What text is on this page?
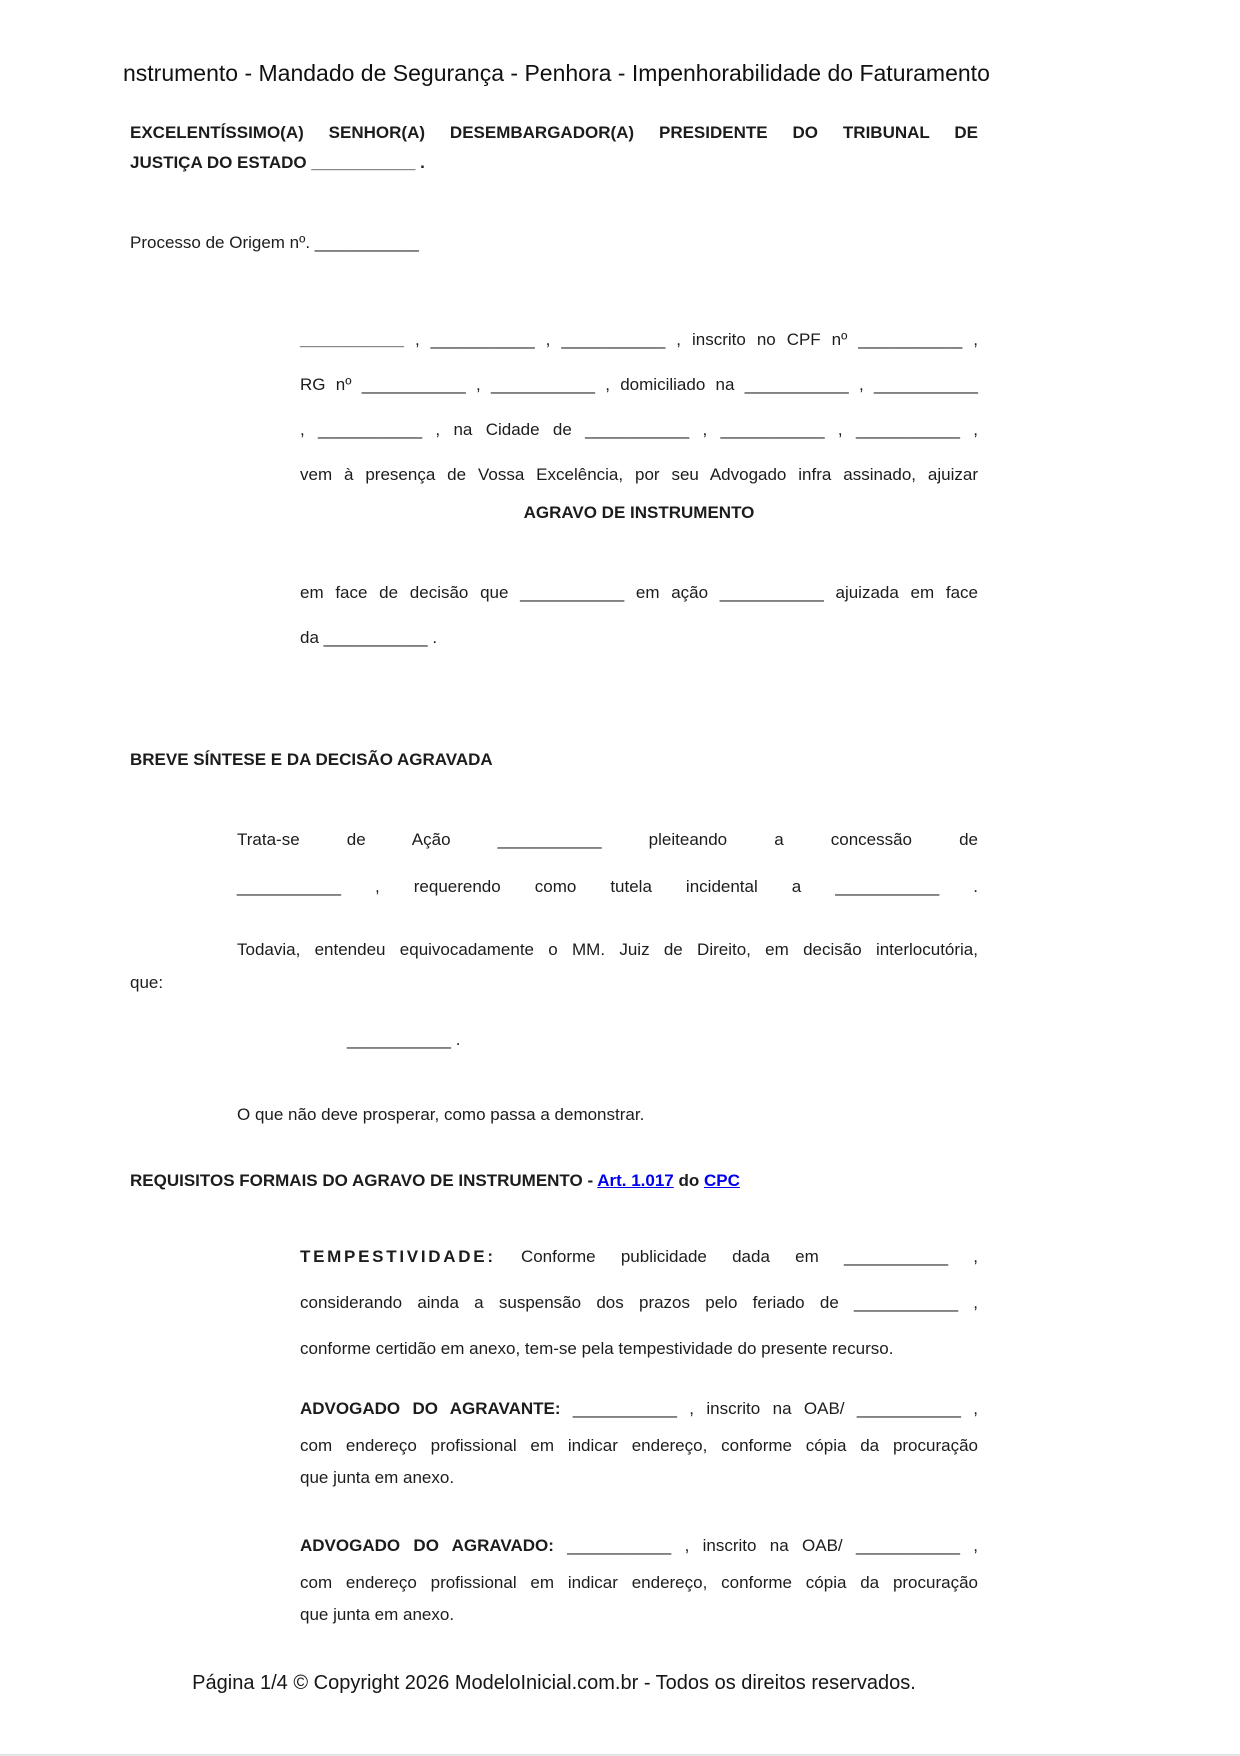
nstrumento - Mandado de Segurança - Penhora - Impenhorabilidade do Faturamento
EXCELENTÍSSIMO(A) SENHOR(A) DESEMBARGADOR(A) PRESIDENTE DO TRIBUNAL DE
JUSTIÇA DO ESTADO ___________ .
Processo de Origem nº. ___________
___________ , ___________ , ___________ , inscrito no CPF nº ___________ ,
RG nº ___________ , ___________ , domiciliado na ___________ , ___________
, ___________ , na Cidade de ___________ , ___________ , ___________ ,
vem à presença de Vossa Excelência, por seu Advogado infra assinado, ajuizar
AGRAVO DE INSTRUMENTO
em face de decisão que ___________ em ação ___________ ajuizada em face
da ___________ .
BREVE SÍNTESE E DA DECISÃO AGRAVADA
Trata-se de Ação ___________ pleiteando a concessão de
___________ , requerendo como tutela incidental a ___________ .
Todavia, entendeu equivocadamente o MM. Juiz de Direito, em decisão interlocutória,
que:
___________ .
O que não deve prosperar, como passa a demonstrar.
REQUISITOS FORMAIS DO AGRAVO DE INSTRUMENTO - Art. 1.017 do CPC
TEMPESTIVIDADE: Conforme publicidade dada em ___________ ,
considerando ainda a suspensão dos prazos pelo feriado de ___________ ,
conforme certidão em anexo, tem-se pela tempestividade do presente recurso.
ADVOGADO DO AGRAVANTE: ___________ , inscrito na OAB/ ___________ ,
com endereço profissional em indicar endereço, conforme cópia da procuração
que junta em anexo.
ADVOGADO DO AGRAVADO: ___________ , inscrito na OAB/ ___________ ,
com endereço profissional em indicar endereço, conforme cópia da procuração
que junta em anexo.
Página 1/4 © Copyright 2026 ModeloInicial.com.br - Todos os direitos reservados.
